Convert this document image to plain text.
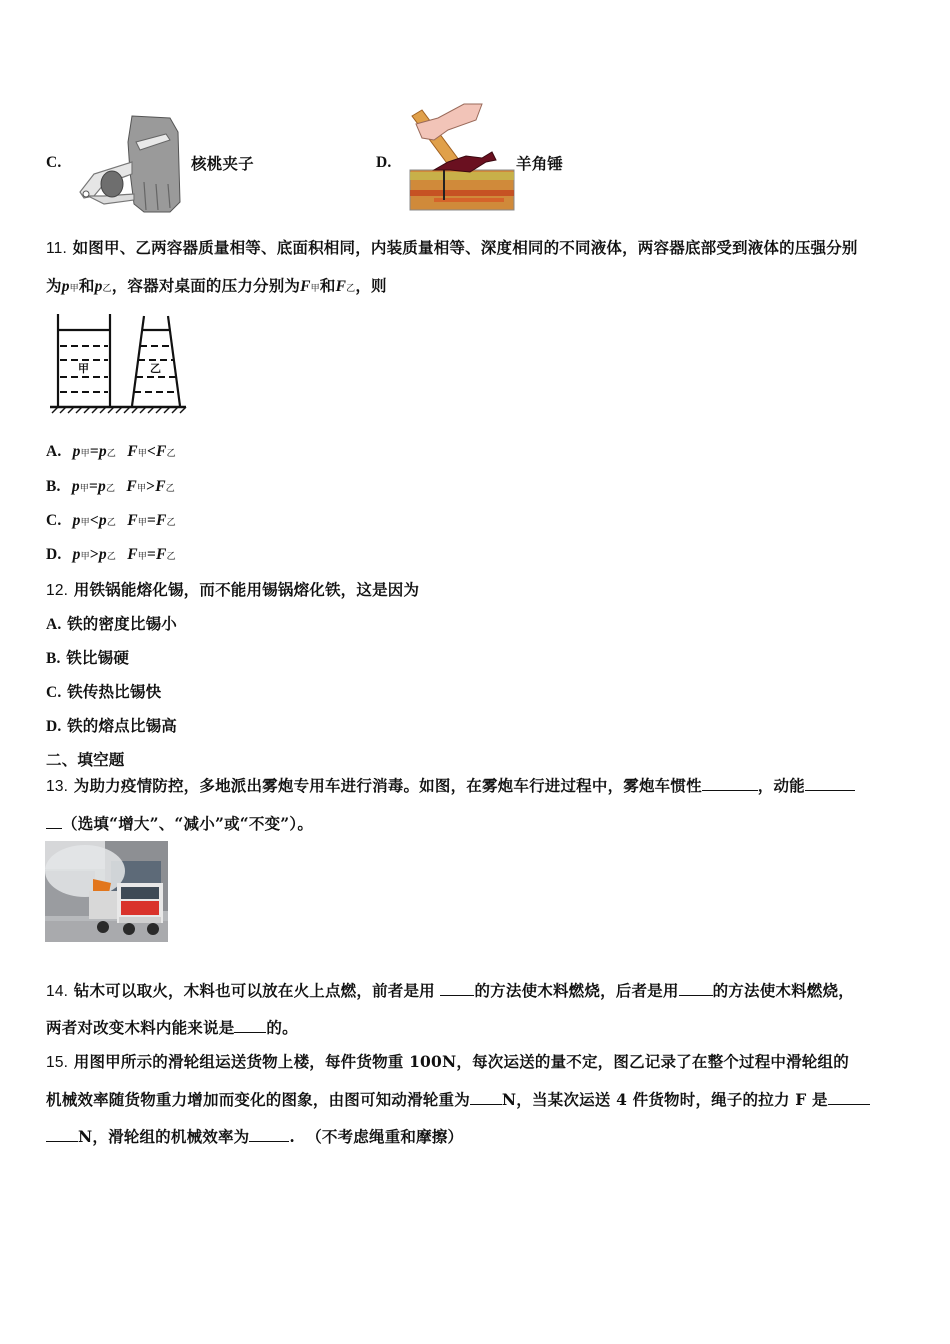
C.	核桃夹子	D.	羊角锤
11. 如图甲、乙两容器质量相等、底面积相同，内装质量相等、深度相同的不同液体，两容器底部受到液体的压强分别
为p甲和p乙，容器对桌面的压力分别为F甲和F乙，则
甲	乙
A. p甲=p乙 F甲<F乙
B. p甲=p乙 F甲>F乙
C. p甲<p乙 F甲=F乙
D. p甲>p乙 F甲=F乙
12. 用铁锅能熔化锡，而不能用锡锅熔化铁，这是因为
A. 铁的密度比锡小
B. 铁比锡硬
C. 铁传热比锡快
D. 铁的熔点比锡高
二、填空题
13. 为助力疫情防控，多地派出雾炮专用车进行消毒。如图，在雾炮车行进过程中，雾炮车惯性	，动能
（选填“增大”、“减小”或“不变”）。
14. 钻木可以取火，木料也可以放在火上点燃，前者是用	的方法使木料燃烧，后者是用 的方法使木料燃烧，
两者对改变木料内能来说是 的。
15. 用图甲所示的滑轮组运送货物上楼，每件货物重 100N，每次运送的量不定，图乙记录了在整个过程中滑轮组的
机械效率随货物重力增加而变化的图象，由图可知动滑轮重为 N，当某次运送 4 件货物时，绳子的拉力 F 是
N，滑轮组的机械效率为	. （不考虑绳重和摩擦）
